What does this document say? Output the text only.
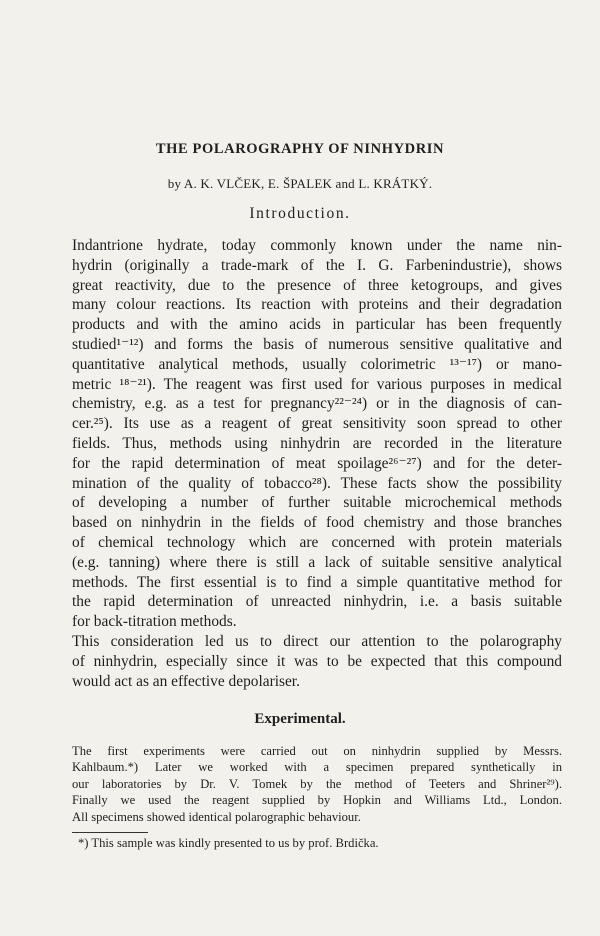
THE POLAROGRAPHY OF NINHYDRIN
by A. K. VLČEK, E. ŠPALEK and L. KRÁTKÝ.
Introduction.
Indantrione hydrate, today commonly known under the name nin-
hydrin (originally a trade-mark of the I. G. Farbenindustrie), shows
great reactivity, due to the presence of three ketogroups, and gives
many colour reactions. Its reaction with proteins and their degradation
products and with the amino acids in particular has been frequently
studied¹⁻¹²) and forms the basis of numerous sensitive qualitative and
quantitative analytical methods, usually colorimetric ¹³⁻¹⁷) or mano-
metric ¹⁸⁻²¹). The reagent was first used for various purposes in medical
chemistry, e.g. as a test for pregnancy²²⁻²⁴) or in the diagnosis of can-
cer.²⁵). Its use as a reagent of great sensitivity soon spread to other
fields. Thus, methods using ninhydrin are recorded in the literature
for the rapid determination of meat spoilage²⁶⁻²⁷) and for the deter-
mination of the quality of tobacco²⁸). These facts show the possibility
of developing a number of further suitable microchemical methods
based on ninhydrin in the fields of food chemistry and those branches
of chemical technology which are concerned with protein materials
(e.g. tanning) where there is still a lack of suitable sensitive analytical
methods. The first essential is to find a simple quantitative method for
the rapid determination of unreacted ninhydrin, i.e. a basis suitable
for back-titration methods.
This consideration led us to direct our attention to the polarography
of ninhydrin, especially since it was to be expected that this compound
would act as an effective depolariser.
Experimental.
The first experiments were carried out on ninhydrin supplied by Messrs.
Kahlbaum.*) Later we worked with a specimen prepared synthetically in
our laboratories by Dr. V. Tomek by the method of Teeters and Shriner²⁹).
Finally we used the reagent supplied by Hopkin and Williams Ltd., London.
All specimens showed identical polarographic behaviour.
*) This sample was kindly presented to us by prof. Brdička.
